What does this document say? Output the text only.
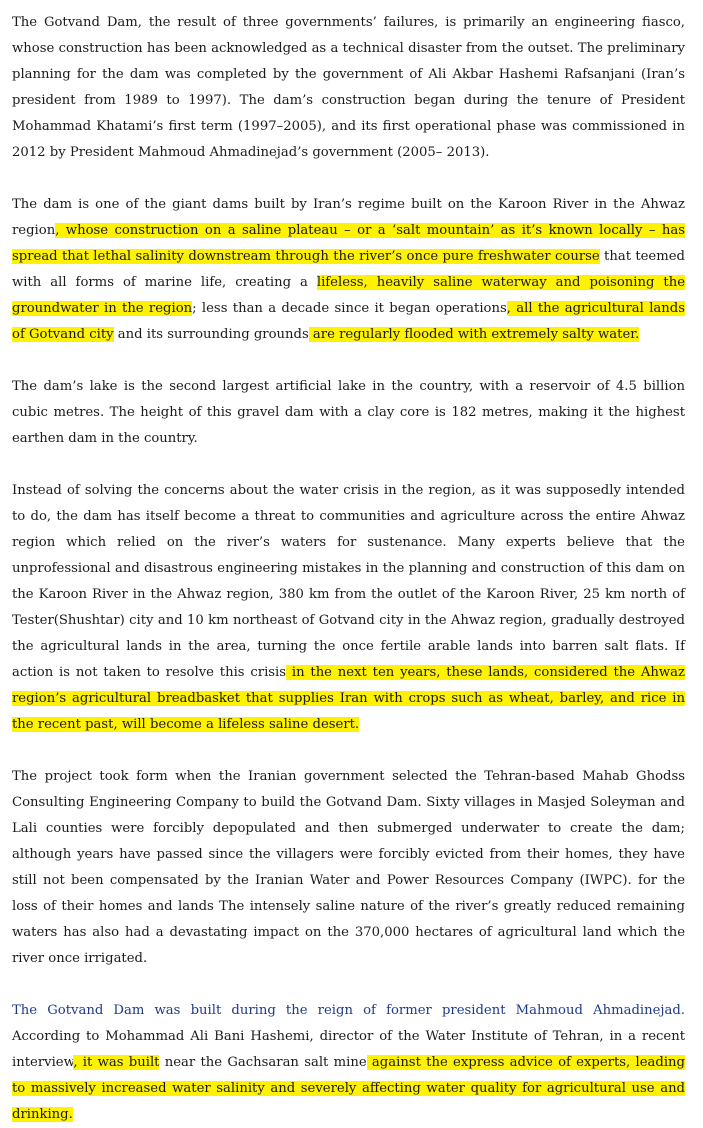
The Gotvand Dam, the result of three governments’ failures, is primarily an engineering fiasco, whose construction has been acknowledged as a technical disaster from the outset. The preliminary planning for the dam was completed by the government of Ali Akbar Hashemi Rafsanjani (Iran’s president from 1989 to 1997). The dam’s construction began during the tenure of President Mohammad Khatami’s first term (1997–2005), and its first operational phase was commissioned in 2012 by President Mahmoud Ahmadinejad’s government (2005– 2013).

The dam is one of the giant dams built by Iran’s regime built on the Karoon River in the Ahwaz region, whose construction on a saline plateau – or a ‘salt mountain’ as it’s known locally – has spread that lethal salinity downstream through the river’s once pure freshwater course that teemed with all forms of marine life, creating a lifeless, heavily saline waterway and poisoning the groundwater in the region; less than a decade since it began operations, all the agricultural lands of Gotvand city and its surrounding grounds are regularly flooded with extremely salty water.

The dam’s lake is the second largest artificial lake in the country, with a reservoir of 4.5 billion cubic metres. The height of this gravel dam with a clay core is 182 metres, making it the highest earthen dam in the country.

Instead of solving the concerns about the water crisis in the region, as it was supposedly intended to do, the dam has itself become a threat to communities and agriculture across the entire Ahwaz region which relied on the river’s waters for sustenance. Many experts believe that the unprofessional and disastrous engineering mistakes in the planning and construction of this dam on the Karoon River in the Ahwaz region, 380 km from the outlet of the Karoon River, 25 km north of Tester(Shushtar) city and 10 km northeast of Gotvand city in the Ahwaz region, gradually destroyed the agricultural lands in the area, turning the once fertile arable lands into barren salt flats. If action is not taken to resolve this crisis in the next ten years, these lands, considered the Ahwaz region’s agricultural breadbasket that supplies Iran with crops such as wheat, barley, and rice in the recent past, will become a lifeless saline desert.

The project took form when the Iranian government selected the Tehran-based Mahab Ghodss Consulting Engineering Company to build the Gotvand Dam. Sixty villages in Masjed Soleyman and Lali counties were forcibly depopulated and then submerged underwater to create the dam; although years have passed since the villagers were forcibly evicted from their homes, they have still not been compensated by the Iranian Water and Power Resources Company (IWPC). for the loss of their homes and lands The intensely saline nature of the river’s greatly reduced remaining waters has also had a devastating impact on the 370,000 hectares of agricultural land which the river once irrigated.

The Gotvand Dam was built during the reign of former president Mahmoud Ahmadinejad. According to Mohammad Ali Bani Hashemi, director of the Water Institute of Tehran, in a recent interview, it was built near the Gachsaran salt mine against the express advice of experts, leading to massively increased water salinity and severely affecting water quality for agricultural use and drinking.
